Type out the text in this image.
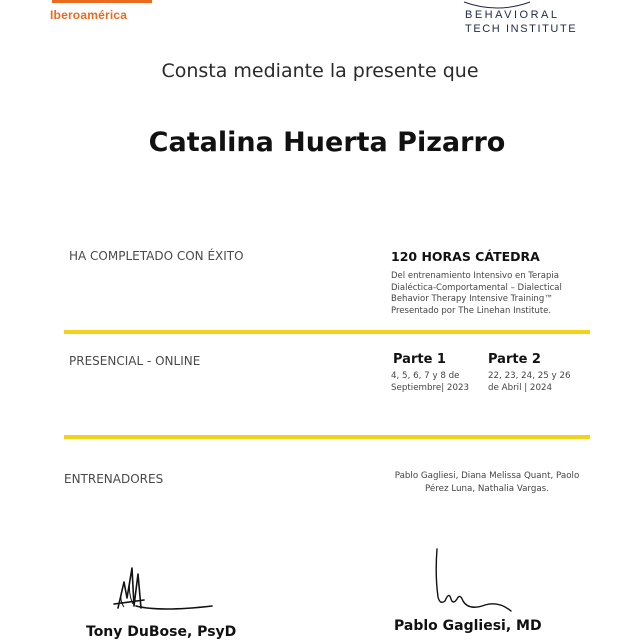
Iberoamérica	BEHAVIORAL
TECH INSTITUTE
Consta mediante la presente que
Catalina Huerta Pizarro
HA COMPLETADO CON ÉXITO	120 HORAS CÁTEDRA
Del entrenamiento Intensivo en Terapia
Dialéctica-Comportamental – Dialectical
Behavior Therapy Intensive Training™
Presentado por The Linehan Institute.
PRESENCIAL - ONLINE	Parte 1
4, 5, 6, 7 y 8 de
Septiembre| 2023
Parte 2
22, 23, 24, 25 y 26
de Abril | 2024
ENTRENADORES	Pablo Gagliesi, Diana Melissa Quant, Paolo
Pérez Luna, Nathalia Vargas.
Tony DuBose, PsyD	Pablo Gagliesi, MD
